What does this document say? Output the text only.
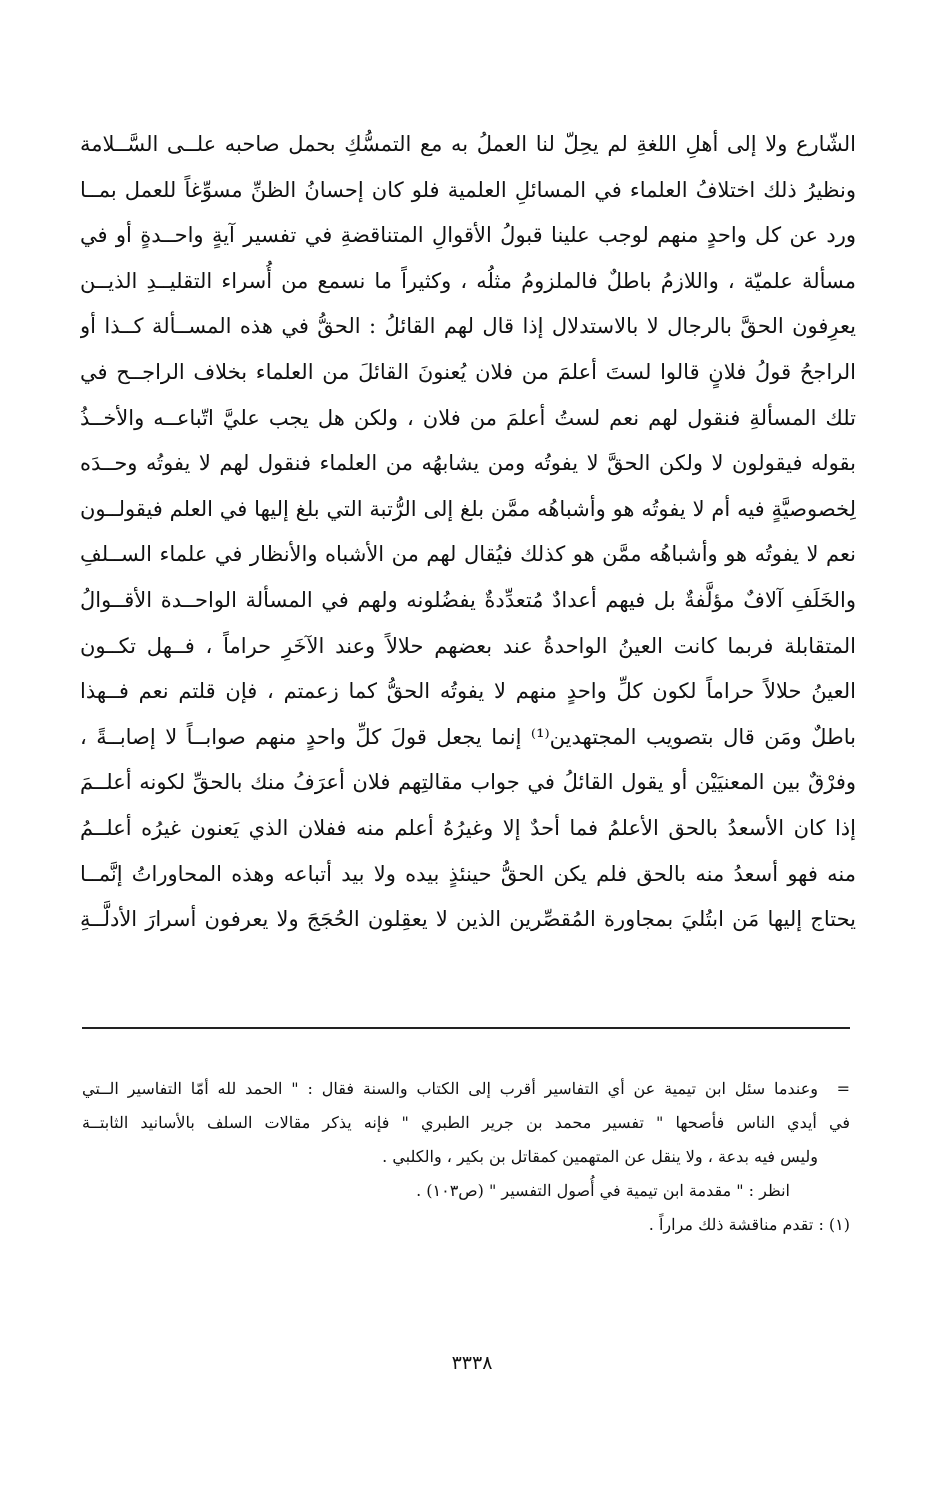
الشّارع ولا إلى أهلِ اللغةِ لم يحِلّ لنا العملُ به مع التمسُّكِ بحمل صاحبه علــى السَّــلامة
ونظيرُ ذلك اختلافُ العلماء في المسائلِ العلمية فلو كان إحسانُ الظنِّ مسوِّغاً للعمل بمــا
ورد عن كل واحدٍ منهم لوجب علينا قبولُ الأقوالِ المتناقضةِ في تفسير آيةٍ واحــدةٍ أو في
مسألة علميّة ، واللازمُ باطلٌ فالملزومُ مثلُه ، وكثيراً ما نسمع من أُسراء التقليــدِ الذيــن
يعرِفون الحقَّ بالرجال لا بالاستدلال إذا قال لهم القائلُ : الحقُّ في هذه المســألة كــذا أو
الراجحُ قولُ فلانٍ قالوا لستَ أعلمَ من فلان يُعنونَ القائلَ من العلماء بخلاف الراجــح في
تلك المسألةِ فنقول لهم نعم لستُ أعلمَ من فلان ، ولكن هل يجب عليَّ اتّباعــه والأخــذُ
بقوله فيقولون لا ولكن الحقَّ لا يفوتُه ومن يشابهُه من العلماء فنقول لهم لا يفوتُه وحــدَه
لِخصوصيَّةٍ فيه أم لا يفوتُه هو وأشباهُه ممَّن بلغ إلى الرُّتبة التي بلغ إليها في العلم فيقولــون
نعم لا يفوتُه هو وأشباهُه ممَّن هو كذلك فيُقال لهم من الأشباه والأنظار في علماء الســلفِ
والخَلَفِ آلافٌ مؤلَّفةٌ بل فيهم أعدادٌ مُتعدِّدةٌ يفضُلونه ولهم في المسألة الواحــدة الأقــوالُ
المتقابلة فربما كانت العينُ الواحدةُ عند بعضهم حلالاً وعند الآخَرِ حراماً ، فــهل تكــون
العينُ حلالاً حراماً لكون كلِّ واحدٍ منهم لا يفوتُه الحقُّ كما زعمتم ، فإن قلتم نعم فــهذا
باطلٌ ومَن قال بتصويب المجتهدين⁽¹⁾ إنما يجعل قولَ كلِّ واحدٍ منهم صوابــاً لا إصابــةً ،
وفرْقٌ بين المعنيَيْن أو يقول القائلُ في جواب مقالتِهم فلان أعرَفُ منك بالحقِّ لكونه أعلــمَ
إذا كان الأسعدُ بالحق الأعلمُ فما أحدٌ إلا وغيرُهُ أعلم منه ففلان الذي يَعنون غيرُه أعلــمُ
منه فهو أسعدُ منه بالحق فلم يكن الحقُّ حينئذٍ بيده ولا بيد أتباعه وهذه المحاوراتُ إنَّمــا
يحتاج إليها مَن ابتُليَ بمجاورة المُقصِّرين الذين لا يعقِلون الحُجَجَ ولا يعرفون أسرارَ الأدلَّــةِ
=
وعندما سئل ابن تيمية عن أي التفاسير أقرب إلى الكتاب والسنة فقال : " الحمد لله أمّا التفاسير الــتي
في أيدي الناس فأصحها " تفسير محمد بن جرير الطبري " فإنه يذكر مقالات السلف بالأسانيد الثابتــة
وليس فيه بدعة ، ولا ينقل عن المتهمين كمقاتل بن بكير ، والكلبي .
انظر : " مقدمة ابن تيمية في أُصول التفسير " (ص١٠٣) .
(١) : تقدم مناقشة ذلك مراراً .
٣٣٣٨
